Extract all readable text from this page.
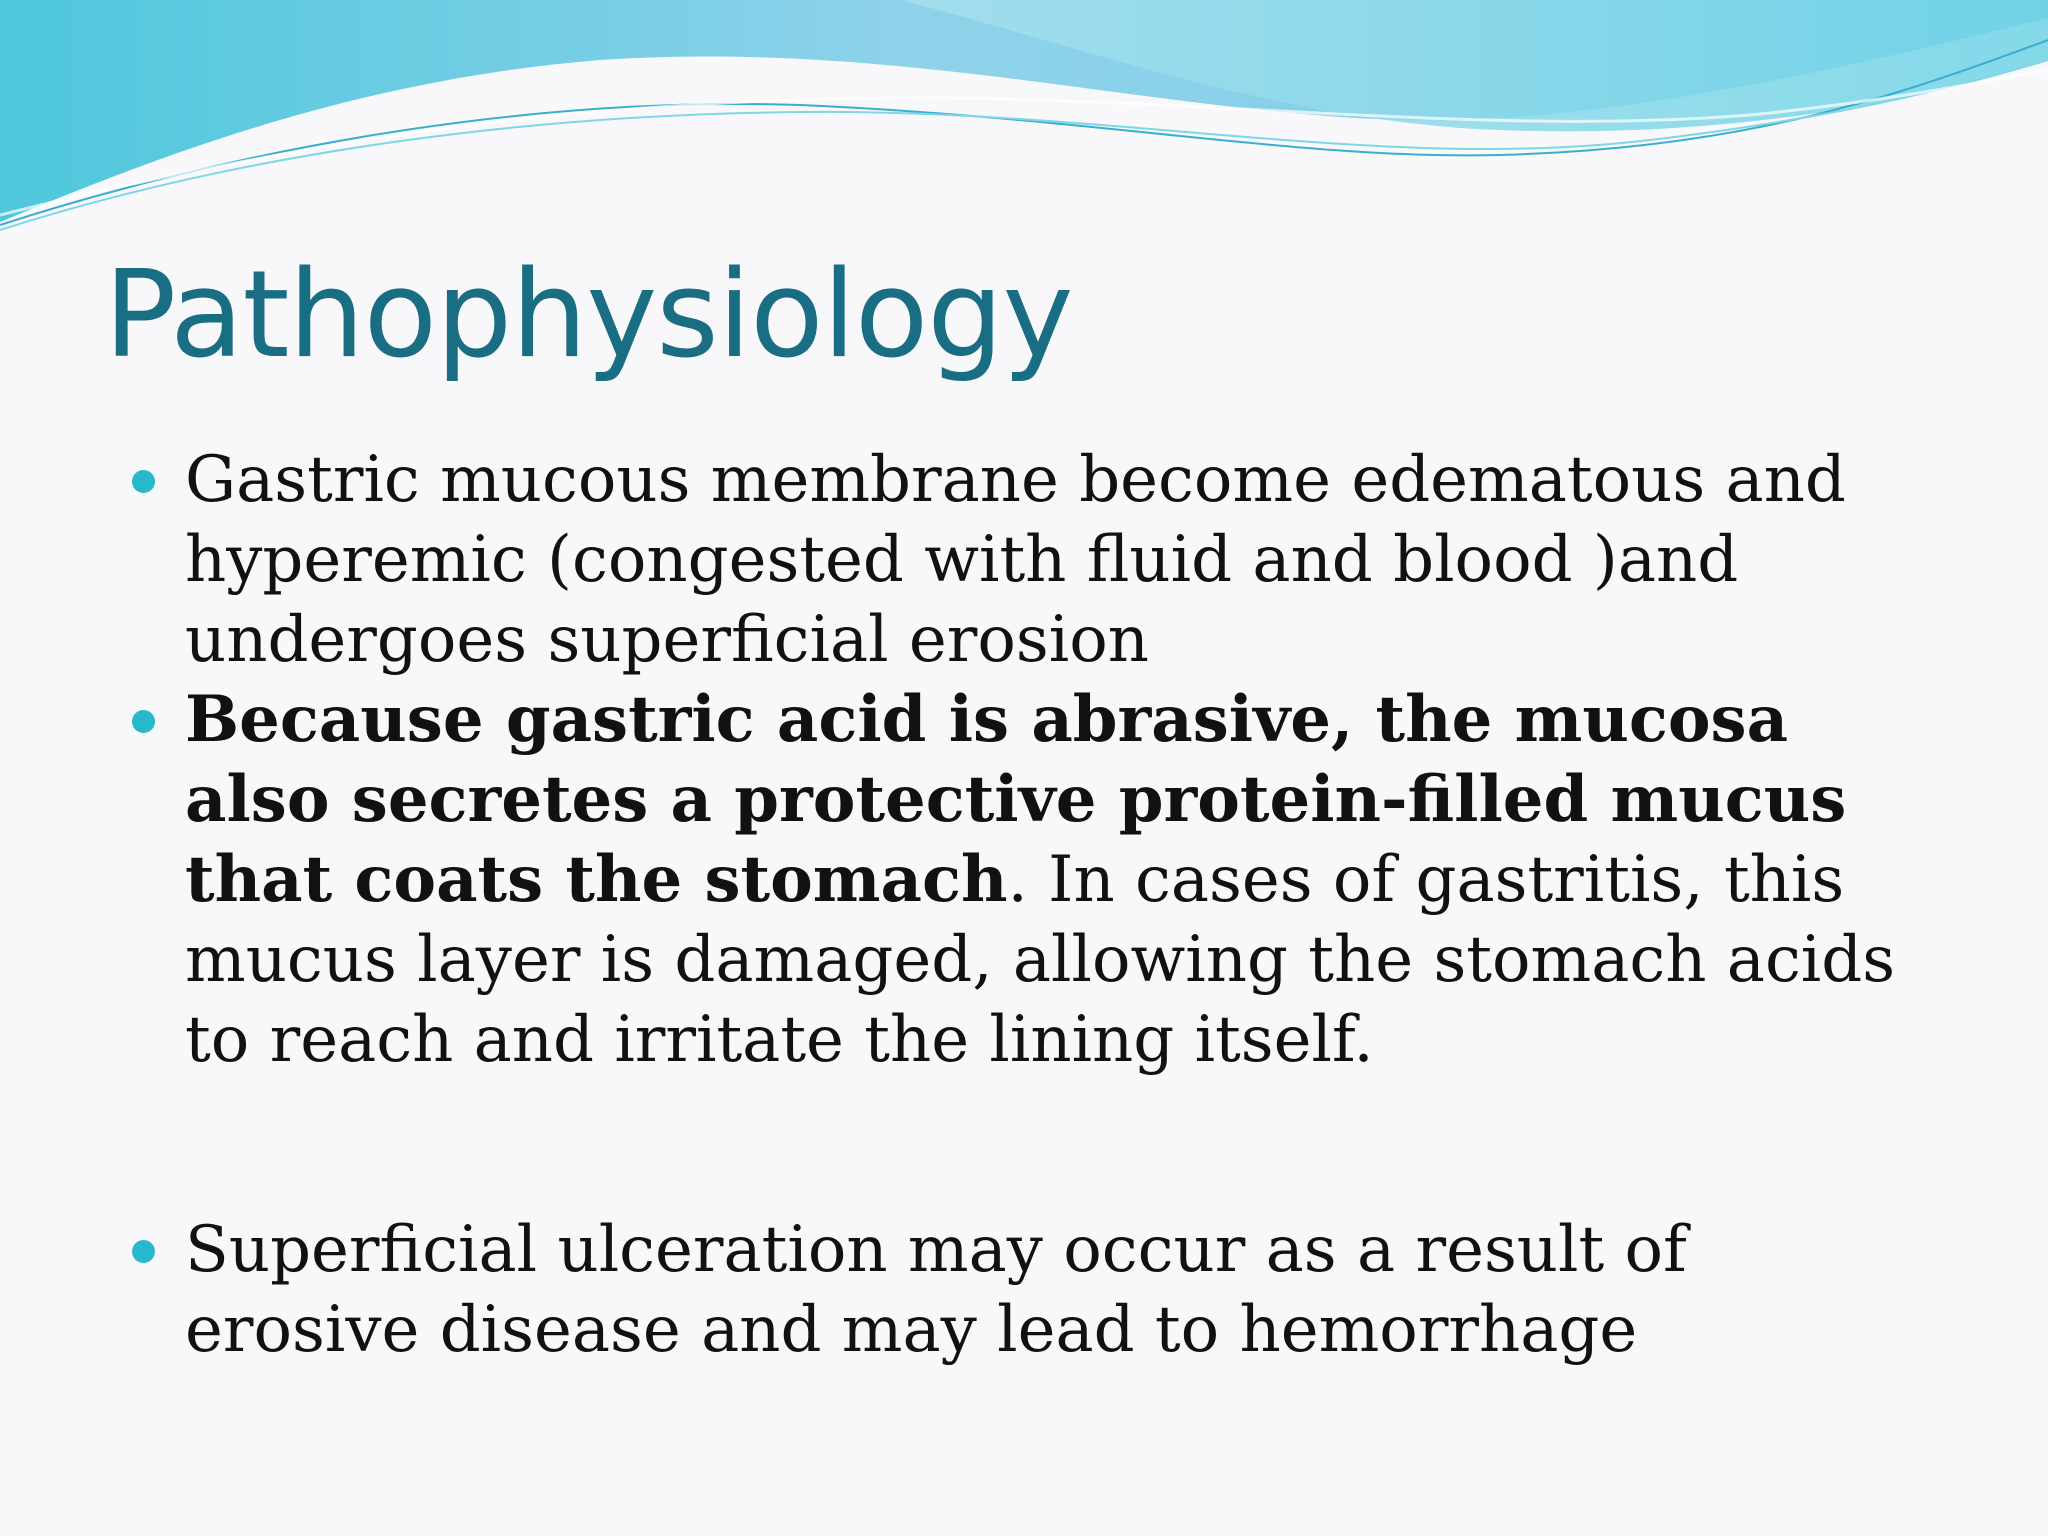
Pathophysiology
Gastric mucous membrane become edematous and hyperemic (congested with fluid and blood )and undergoes superficial erosion
Because gastric acid is abrasive, the mucosa also secretes a protective protein-filled mucus that coats the stomach. In cases of gastritis, this mucus layer is damaged, allowing the stomach acids to reach and irritate the lining itself.
Superficial ulceration may occur as a result of erosive disease and may lead to hemorrhage
